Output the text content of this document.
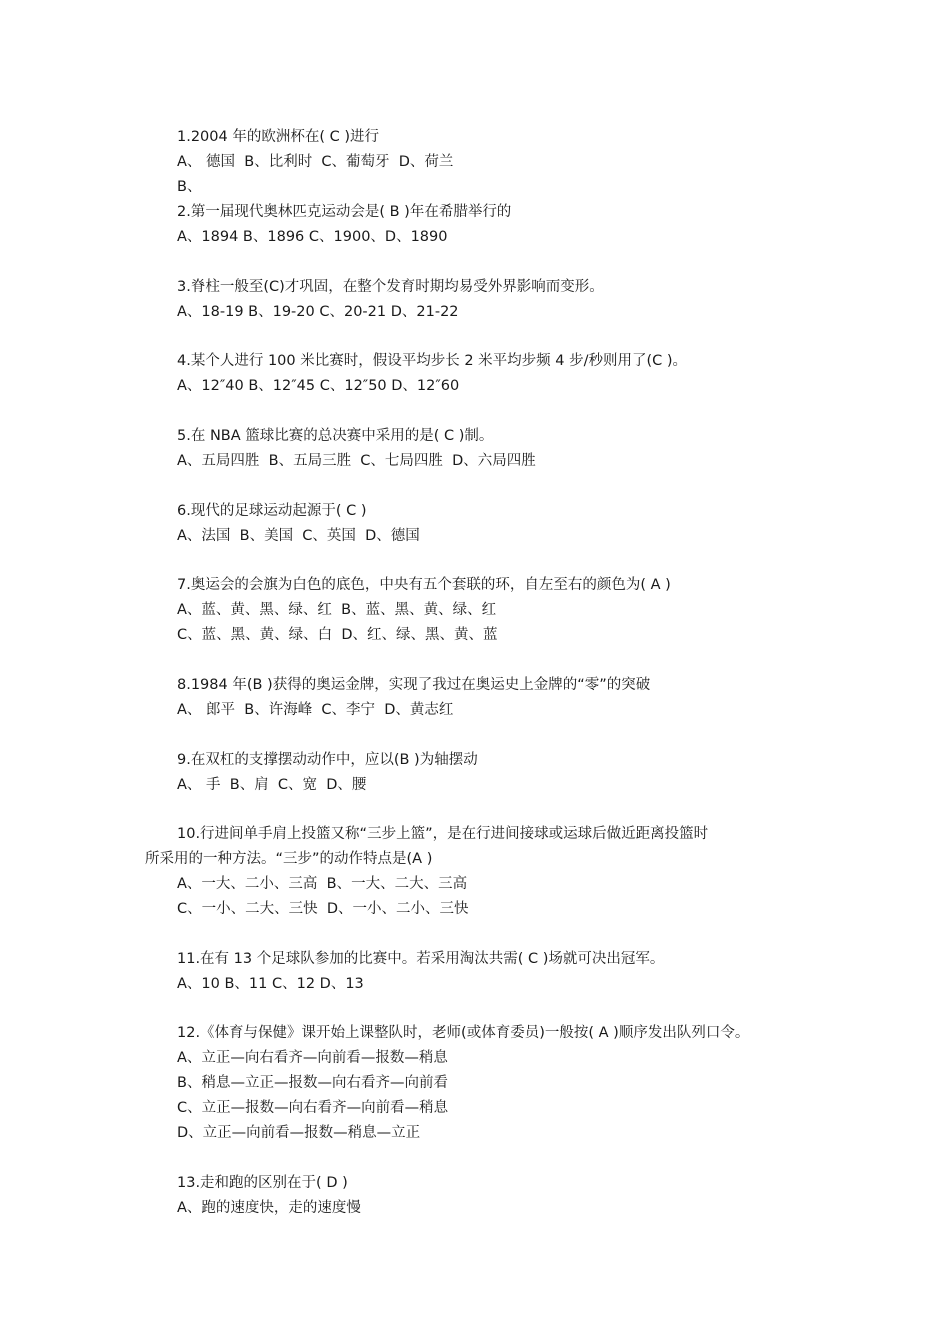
1.2004 年的欧洲杯在( C )进行
A、 德国  B、比利时  C、葡萄牙  D、荷兰
B、
2.第一届现代奥林匹克运动会是( B )年在希腊举行的
A、1894 B、1896 C、1900、D、1890
3.脊柱一般至(C)才巩固，在整个发育时期均易受外界影响而变形。
A、18-19 B、19-20 C、20-21 D、21-22
4.某个人进行 100 米比赛时，假设平均步长 2 米平均步频 4 步/秒则用了(C )。
A、12″40 B、12″45 C、12″50 D、12″60
5.在 NBA 篮球比赛的总决赛中采用的是( C )制。
A、五局四胜  B、五局三胜  C、七局四胜  D、六局四胜
6.现代的足球运动起源于( C )
A、法国  B、美国  C、英国  D、德国
7.奥运会的会旗为白色的底色，中央有五个套联的环，自左至右的颜色为( A )
A、蓝、黄、黑、绿、红  B、蓝、黑、黄、绿、红
C、蓝、黑、黄、绿、白  D、红、绿、黑、黄、蓝
8.1984 年(B )获得的奥运金牌，实现了我过在奥运史上金牌的“零”的突破
A、 郎平  B、许海峰  C、李宁  D、黄志红
9.在双杠的支撑摆动动作中，应以(B )为轴摆动
A、 手  B、肩  C、宽  D、腰
10.行进间单手肩上投篮又称“三步上篮”，是在行进间接球或运球后做近距离投篮时
所采用的一种方法。“三步”的动作特点是(A )
A、一大、二小、三高  B、一大、二大、三高
C、一小、二大、三快  D、一小、二小、三快
11.在有 13 个足球队参加的比赛中。若采用淘汰共需( C )场就可决出冠军。
A、10 B、11 C、12 D、13
12.《体育与保健》课开始上课整队时，老师(或体育委员)一般按( A )顺序发出队列口令。
A、立正—向右看齐—向前看—报数—稍息
B、稍息—立正—报数—向右看齐—向前看
C、立正—报数—向右看齐—向前看—稍息
D、立正—向前看—报数—稍息—立正
13.走和跑的区别在于( D )
A、跑的速度快，走的速度慢
